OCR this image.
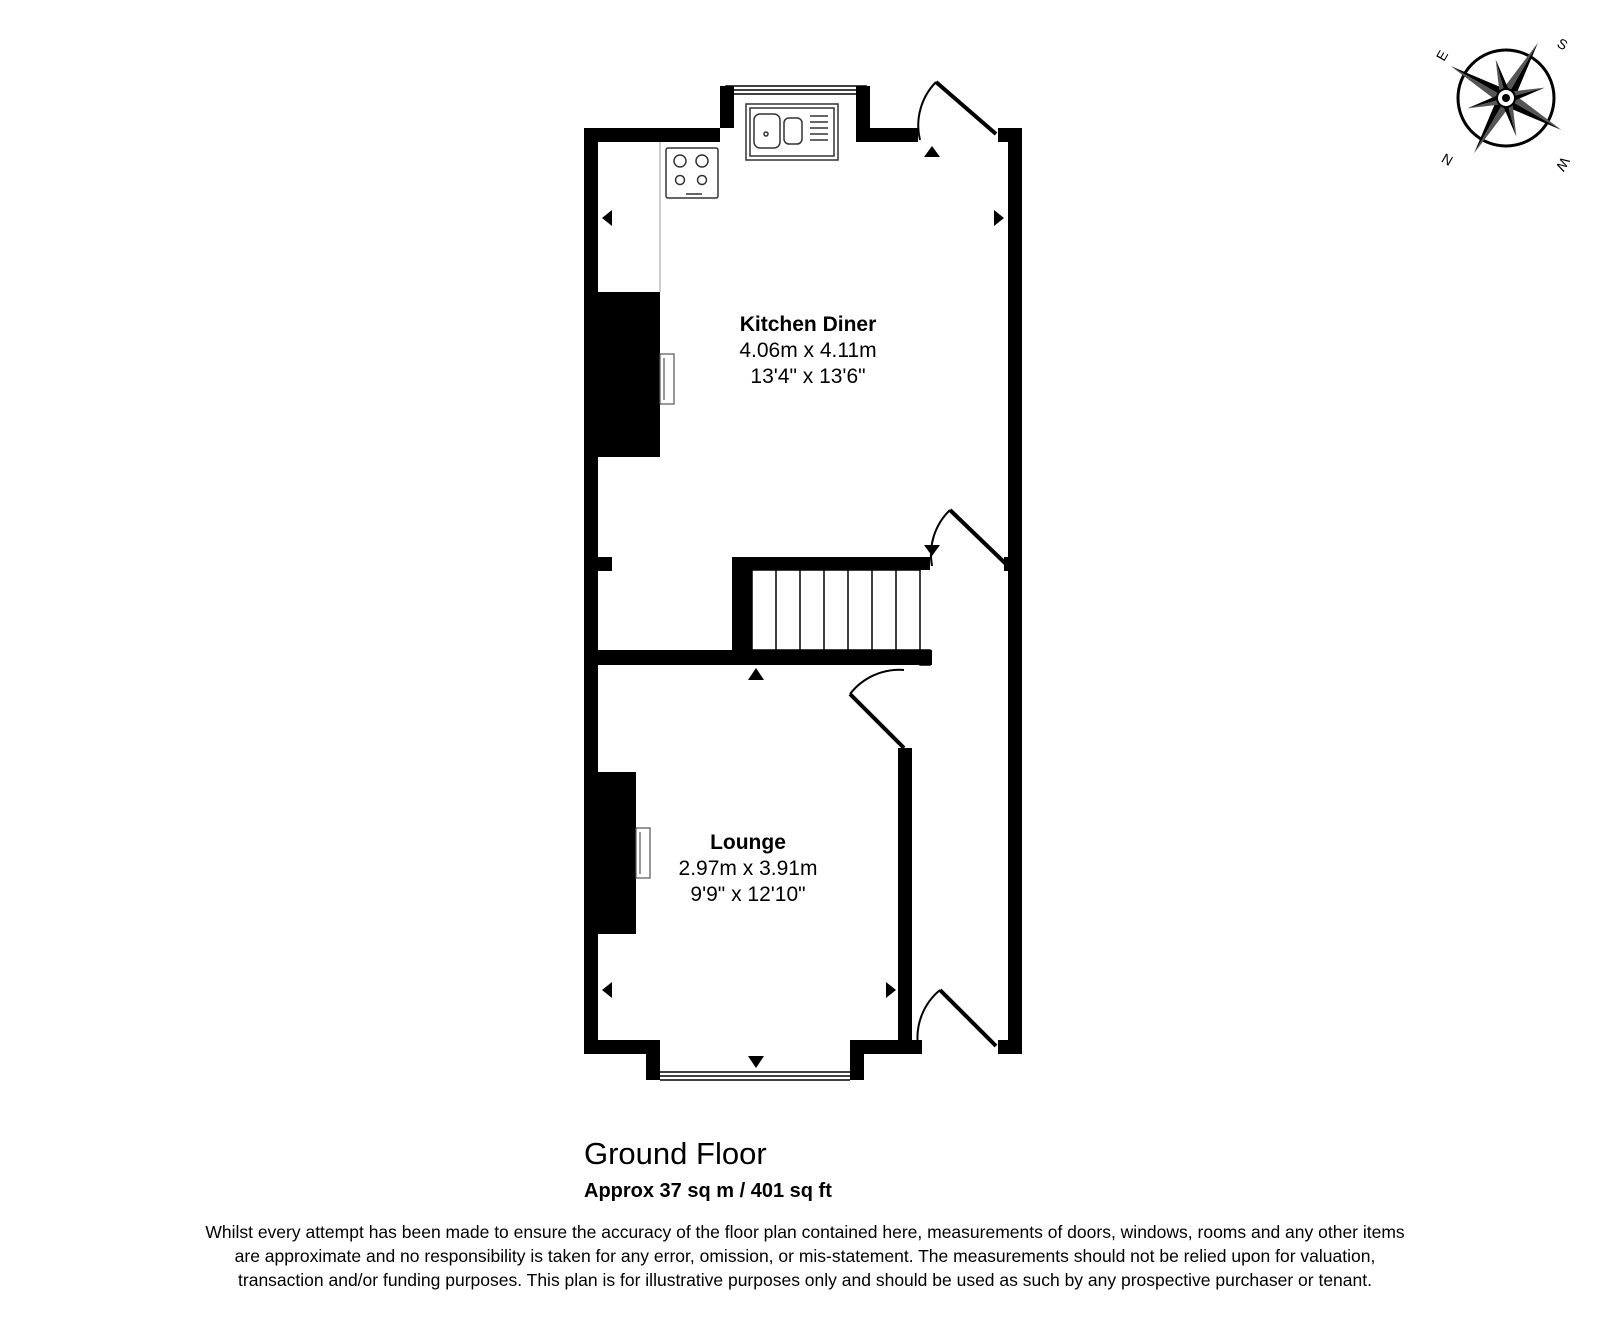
S
E
W
N
Kitchen Diner
4.06m x 4.11m
13'4" x 13'6"
Lounge
2.97m x 3.91m
9'9" x 12'10"
Ground Floor
Approx 37 sq m / 401 sq ft
Whilst every attempt has been made to ensure the accuracy of the floor plan contained here, measurements of doors, windows, rooms and any other items are approximate and no responsibility is taken for any error, omission, or mis-statement. The measurements should not be relied upon for valuation, transaction and/or funding purposes. This plan is for illustrative purposes only and should be used as such by any prospective purchaser or tenant.
